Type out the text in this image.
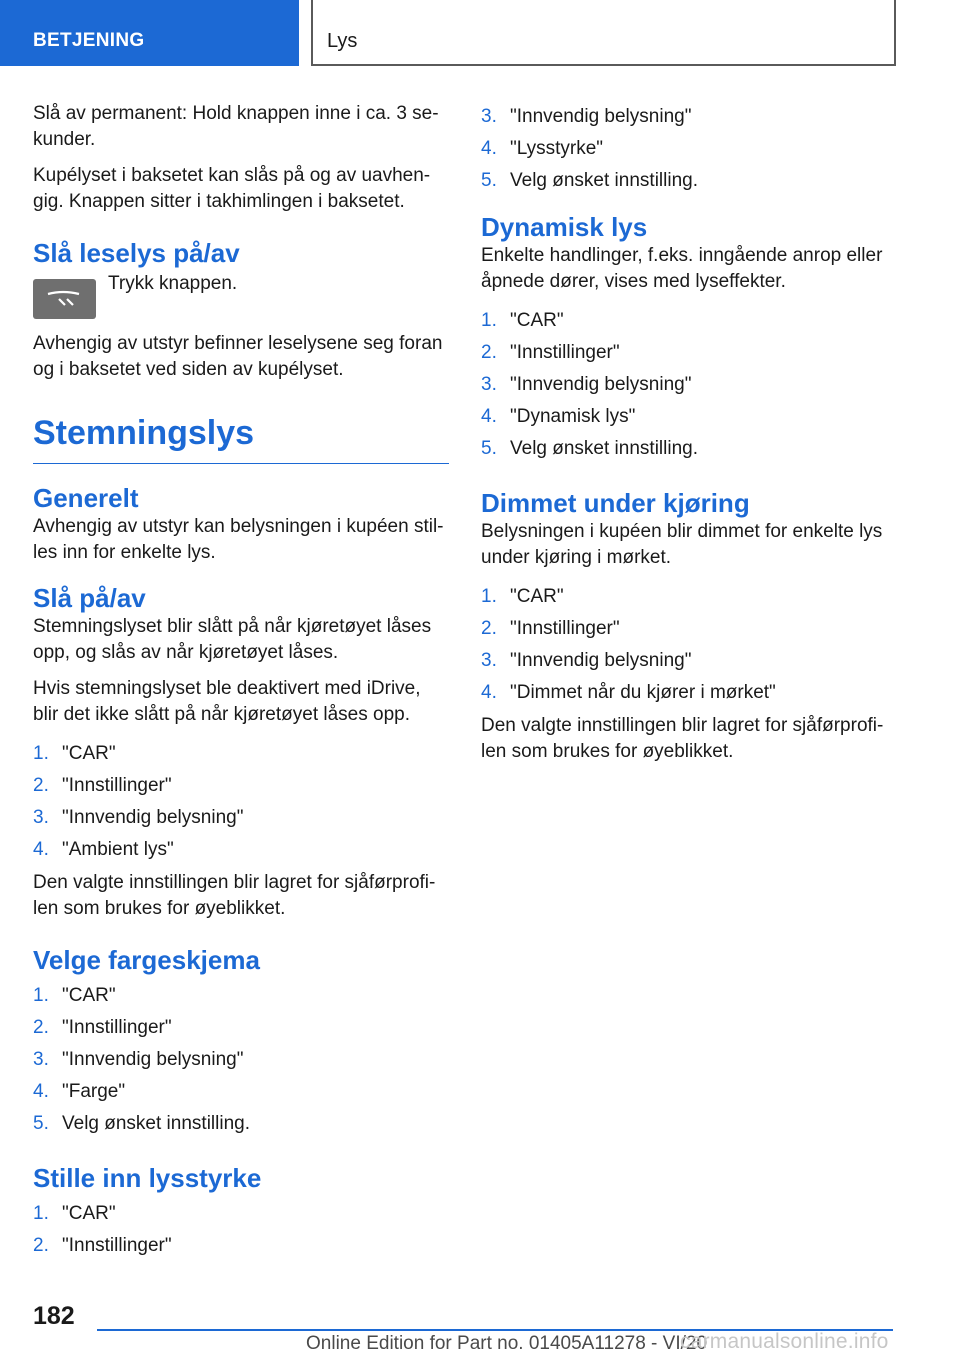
BETJENING	Lys

Slå av permanent: Hold knappen inne i ca. 3 se‐ kunder.

Kupélyset i baksetet kan slås på og av uavhen‐ gig. Knappen sitter i takhimlingen i baksetet.

Slå leselys på/av
Trykk knappen.

Avhengig av utstyr befinner leselysene seg foran og i baksetet ved siden av kupélyset.

Stemningslys
Generelt

Avhengig av utstyr kan belysningen i kupéen stil‐ les inn for enkelte lys.

Slå på/av

Stemningslyset blir slått på når kjøretøyet låses opp, og slås av når kjøretøyet låses.

Hvis stemningslyset ble deaktivert med iDrive, blir det ikke slått på når kjøretøyet låses opp.

1. "CAR"
2. "Innstillinger"
3. "Innvendig belysning"
4. "Ambient lys"

Den valgte innstillingen blir lagret for sjåførprofi‐ len som brukes for øyeblikket.

Velge fargeskjema
1. "CAR"
2. "Innstillinger"
3. "Innvendig belysning"
4. "Farge"
5. Velg ønsket innstilling.
Stille inn lysstyrke
1. "CAR"
2. "Innstillinger"
3. "Innvendig belysning"
4. "Lysstyrke"
5. Velg ønsket innstilling.
Dynamisk lys

Enkelte handlinger, f.eks. inngående anrop eller åpnede dører, vises med lyseffekter.

1. "CAR"
2. "Innstillinger"
3. "Innvendig belysning"
4. "Dynamisk lys"
5. Velg ønsket innstilling.
Dimmet under kjøring

Belysningen i kupéen blir dimmet for enkelte lys under kjøring i mørket.

1. "CAR"
2. "Innstillinger"
3. "Innvendig belysning"
4. "Dimmet når du kjører i mørket"

Den valgte innstillingen blir lagret for sjåførprofi‐ len som brukes for øyeblikket.

182
Online Edition for Part no. 01405A11278 - VI/20
carmanualsonline.info
